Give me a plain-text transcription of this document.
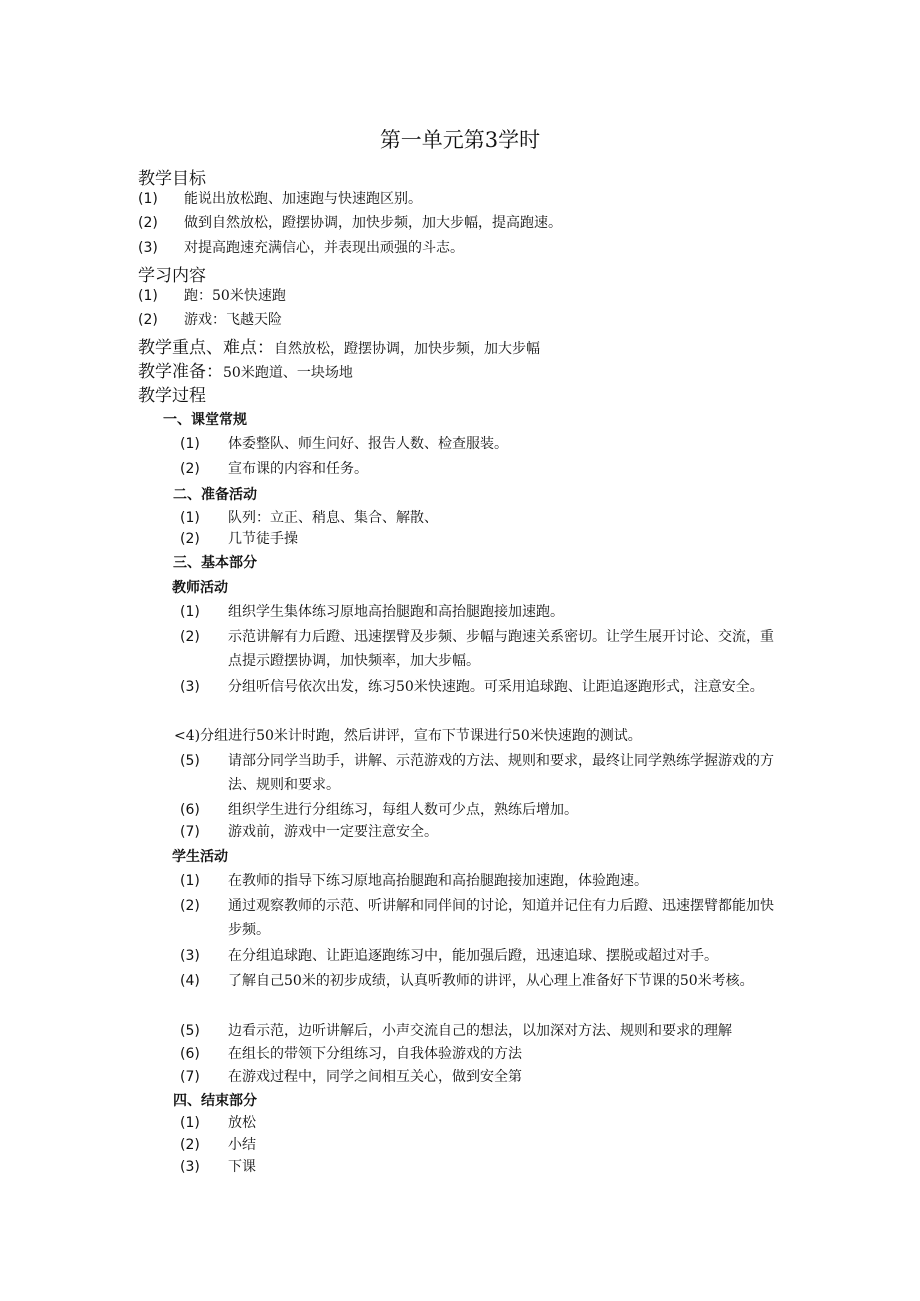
第一单元第3学时
教学目标
(1) 能说出放松跑、加速跑与快速跑区别。
(2) 做到自然放松，蹬摆协调，加快步频，加大步幅，提高跑速。
(3) 对提高跑速充满信心，并表现出顽强的斗志。
学习内容
(1) 跑：50米快速跑
(2) 游戏：飞越天险
教学重点、难点：自然放松，蹬摆协调，加快步频，加大步幅
教学准备：50米跑道、一块场地
教学过程
一、课堂常规
(1) 体委整队、师生问好、报告人数、检查服装。
(2) 宣布课的内容和任务。
二、准备活动
(1) 队列：立正、稍息、集合、解散、
(2) 几节徒手操
三、基本部分
教师活动
(1) 组织学生集体练习原地高抬腿跑和高抬腿跑接加速跑。
(2) 示范讲解有力后蹬、迅速摆臂及步频、步幅与跑速关系密切。让学生展开讨论、交流，重点提示蹬摆协调，加快频率，加大步幅。
(3) 分组听信号依次出发，练习50米快速跑。可采用追球跑、让距追逐跑形式，注意安全。
<4)分组进行50米计时跑，然后讲评，宣布下节课进行50米快速跑的测试。
(5) 请部分同学当助手，讲解、示范游戏的方法、规则和要求，最终让同学熟练学握游戏的方法、规则和要求。
(6) 组织学生进行分组练习，每组人数可少点，熟练后增加。
(7) 游戏前，游戏中一定要注意安全。
学生活动
(1) 在教师的指导下练习原地高抬腿跑和高抬腿跑接加速跑，体验跑速。
(2) 通过观察教师的示范、听讲解和同伴间的讨论，知道并记住有力后蹬、迅速摆臂都能加快步频。
(3) 在分组追球跑、让距追逐跑练习中，能加强后蹬，迅速追球、摆脱或超过对手。
(4) 了解自己50米的初步成绩，认真听教师的讲评，从心理上准备好下节课的50米考核。
(5) 边看示范，边听讲解后，小声交流自己的想法，以加深对方法、规则和要求的理解
(6) 在组长的带领下分组练习，自我体验游戏的方法
(7) 在游戏过程中，同学之间相互关心，做到安全第
四、结束部分
(1) 放松
(2) 小结
(3) 下课
